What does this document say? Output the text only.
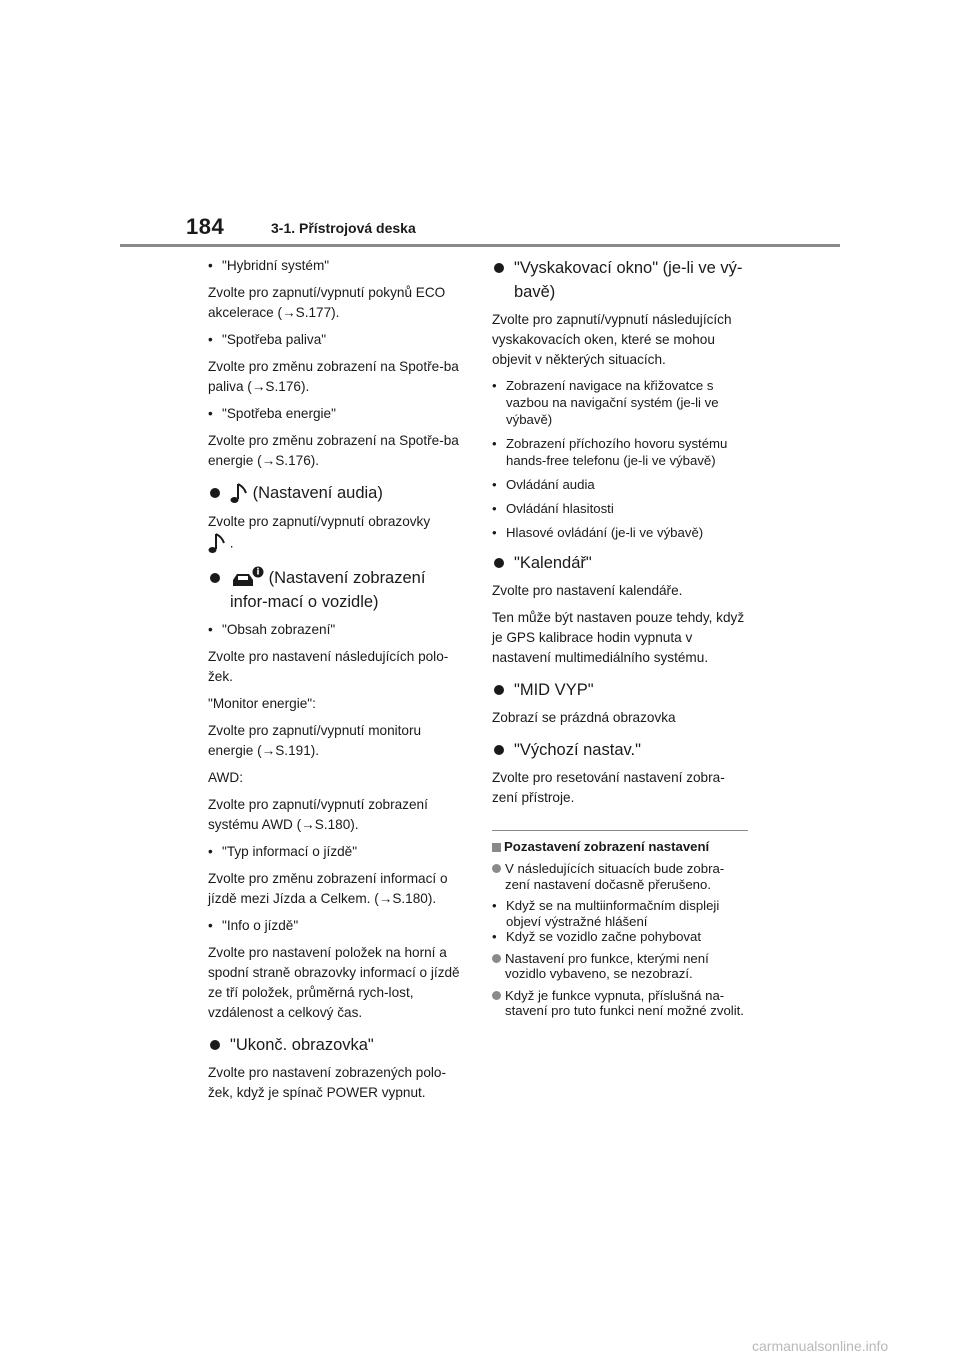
184	3-1. Přístrojová deska
• "Hybridní systém"

Zvolte pro zapnutí/vypnutí pokynů ECO akcelerace (→S.177).

• "Spotřeba paliva"

Zvolte pro změnu zobrazení na Spotře-ba paliva (→S.176).

• "Spotřeba energie"

Zvolte pro změnu zobrazení na Spotře-ba energie (→S.176).

(Nastavení audia)

Zvolte pro zapnutí/vypnutí obrazovky
.

(Nastavení zobrazení infor-mací o vozidle)
• "Obsah zobrazení"

Zvolte pro nastavení následujících polo-žek.

"Monitor energie":

Zvolte pro zapnutí/vypnutí monitoru energie (→S.191).

AWD:

Zvolte pro zapnutí/vypnutí zobrazení systému AWD (→S.180).

• "Typ informací o jízdě"

Zvolte pro změnu zobrazení informací o jízdě mezi Jízda a Celkem. (→S.180).

• "Info o jízdě"

Zvolte pro nastavení položek na horní a spodní straně obrazovky informací o jízdě ze tří položek, průměrná rych-lost, vzdálenost a celkový čas.

"Ukonč. obrazovka"

Zvolte pro nastavení zobrazených polo-žek, když je spínač POWER vypnut.

"Vyskakovací okno" (je-li ve vý-bavě)

Zvolte pro zapnutí/vypnutí následujících vyskakovacích oken, které se mohou objevit v některých situacích.

• Zobrazení navigace na křižovatce s vazbou na navigační systém (je-li ve výbavě)
• Zobrazení příchozího hovoru systému hands-free telefonu (je-li ve výbavě)
• Ovládání audia
• Ovládání hlasitosti
• Hlasové ovládání (je-li ve výbavě)
"Kalendář"

Zvolte pro nastavení kalendáře.

Ten může být nastaven pouze tehdy, když je GPS kalibrace hodin vypnuta v nastavení multimediálního systému.

"MID VYP"

Zobrazí se prázdná obrazovka

"Výchozí nastav."

Zvolte pro resetování nastavení zobra-zení přístroje.

Pozastavení zobrazení nastavení
V následujících situacích bude zobra-zení nastavení dočasně přerušeno.
• Když se na multiinformačním displeji objeví výstražné hlášení
• Když se vozidlo začne pohybovat
Nastavení pro funkce, kterými není vozidlo vybaveno, se nezobrazí.
Když je funkce vypnuta, příslušná na-stavení pro tuto funkci není možné zvolit.
carmanualsonline.info
